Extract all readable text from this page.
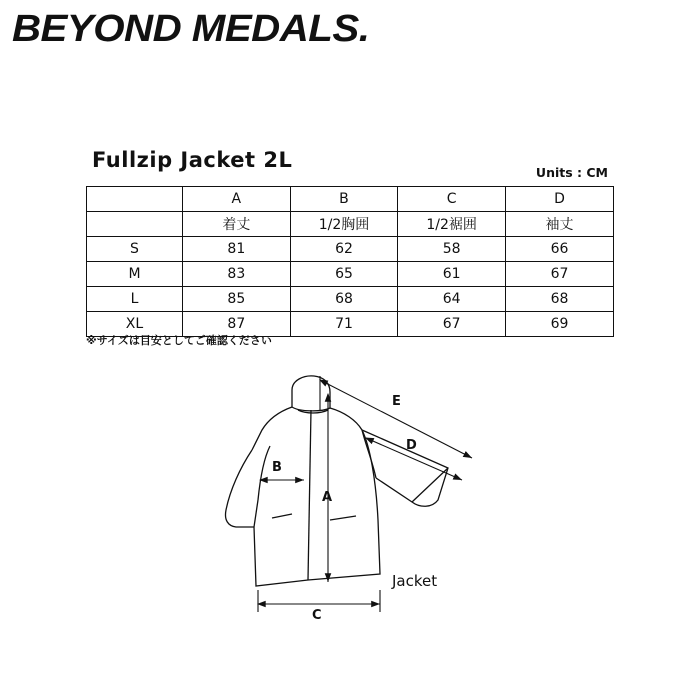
BEYOND MEDALS.
Fullzip Jacket 2L
Units : CM
	A	B	C	D
	着丈	1/2胸囲	1/2裾囲	袖丈
S	81	62	58	66
M	83	65	61	67
L	85	68	64	68
XL	87	71	67	69
※サイズは目安としてご確認ください
A
B
C
D
E
Jacket
